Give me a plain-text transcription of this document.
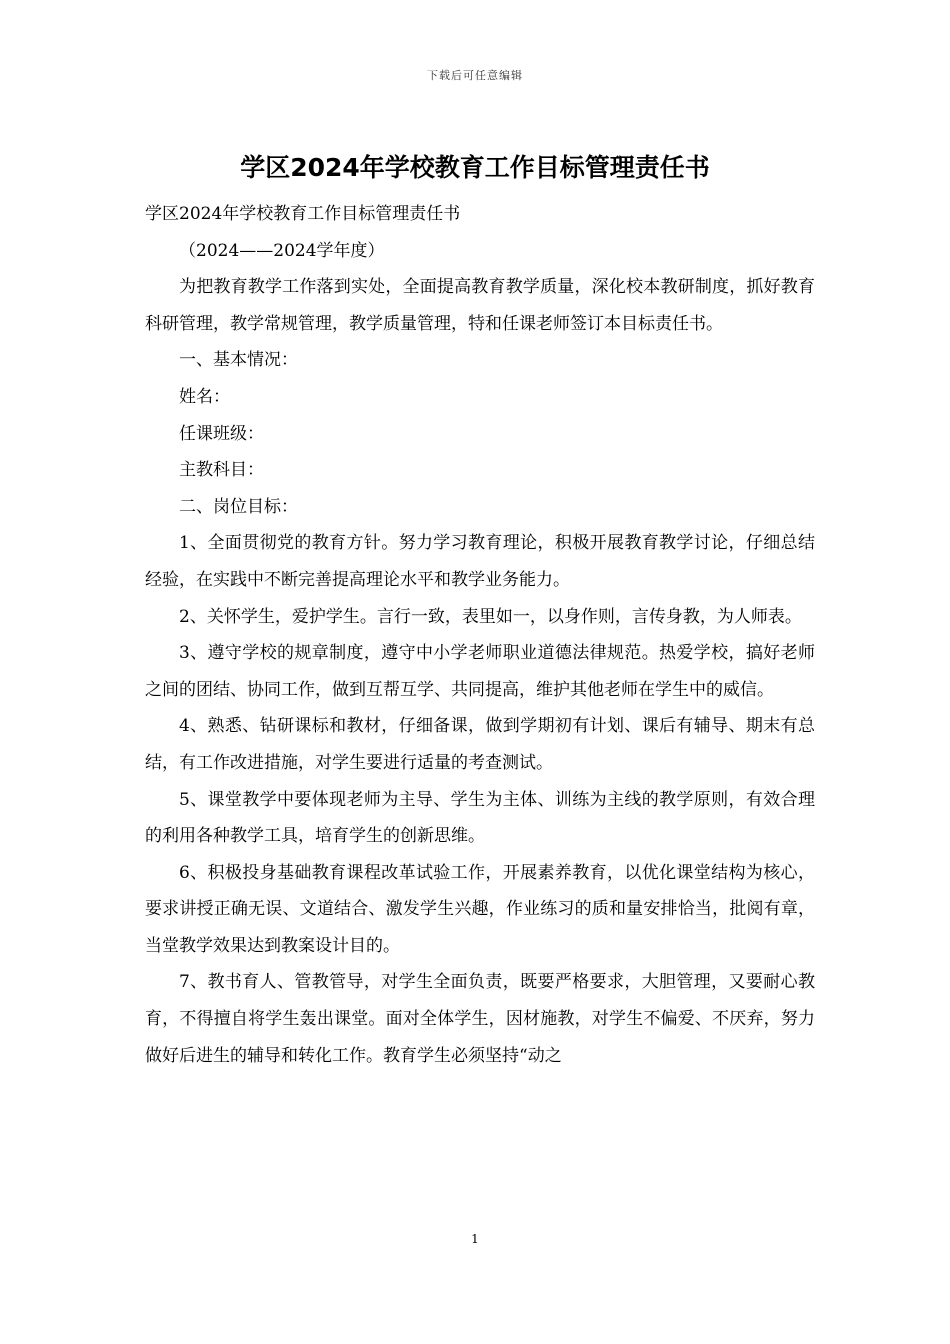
下载后可任意编辑
学区2024年学校教育工作目标管理责任书

学区2024年学校教育工作目标管理责任书

（2024——2024学年度）

为把教育教学工作落到实处，全面提高教育教学质量，深化校本教研制度，抓好教育科研管理，教学常规管理，教学质量管理，特和任课老师签订本目标责任书。

一、基本情况：

姓名：

任课班级：

主教科目：

二、岗位目标：

1、全面贯彻党的教育方针。努力学习教育理论，积极开展教育教学讨论，仔细总结经验，在实践中不断完善提高理论水平和教学业务能力。

2、关怀学生，爱护学生。言行一致，表里如一，以身作则，言传身教，为人师表。

3、遵守学校的规章制度，遵守中小学老师职业道德法律规范。热爱学校，搞好老师之间的团结、协同工作，做到互帮互学、共同提高，维护其他老师在学生中的威信。

4、熟悉、钻研课标和教材，仔细备课，做到学期初有计划、课后有辅导、期末有总结，有工作改进措施，对学生要进行适量的考查测试。

5、课堂教学中要体现老师为主导、学生为主体、训练为主线的教学原则，有效合理的利用各种教学工具，培育学生的创新思维。

6、积极投身基础教育课程改革试验工作，开展素养教育，以优化课堂结构为核心，要求讲授正确无误、文道结合、激发学生兴趣，作业练习的质和量安排恰当，批阅有章，当堂教学效果达到教案设计目的。

7、教书育人、管教管导，对学生全面负责，既要严格要求，大胆管理，又要耐心教育，不得擅自将学生轰出课堂。面对全体学生，因材施教，对学生不偏爱、不厌弃，努力做好后进生的辅导和转化工作。教育学生必须坚持“动之

1
